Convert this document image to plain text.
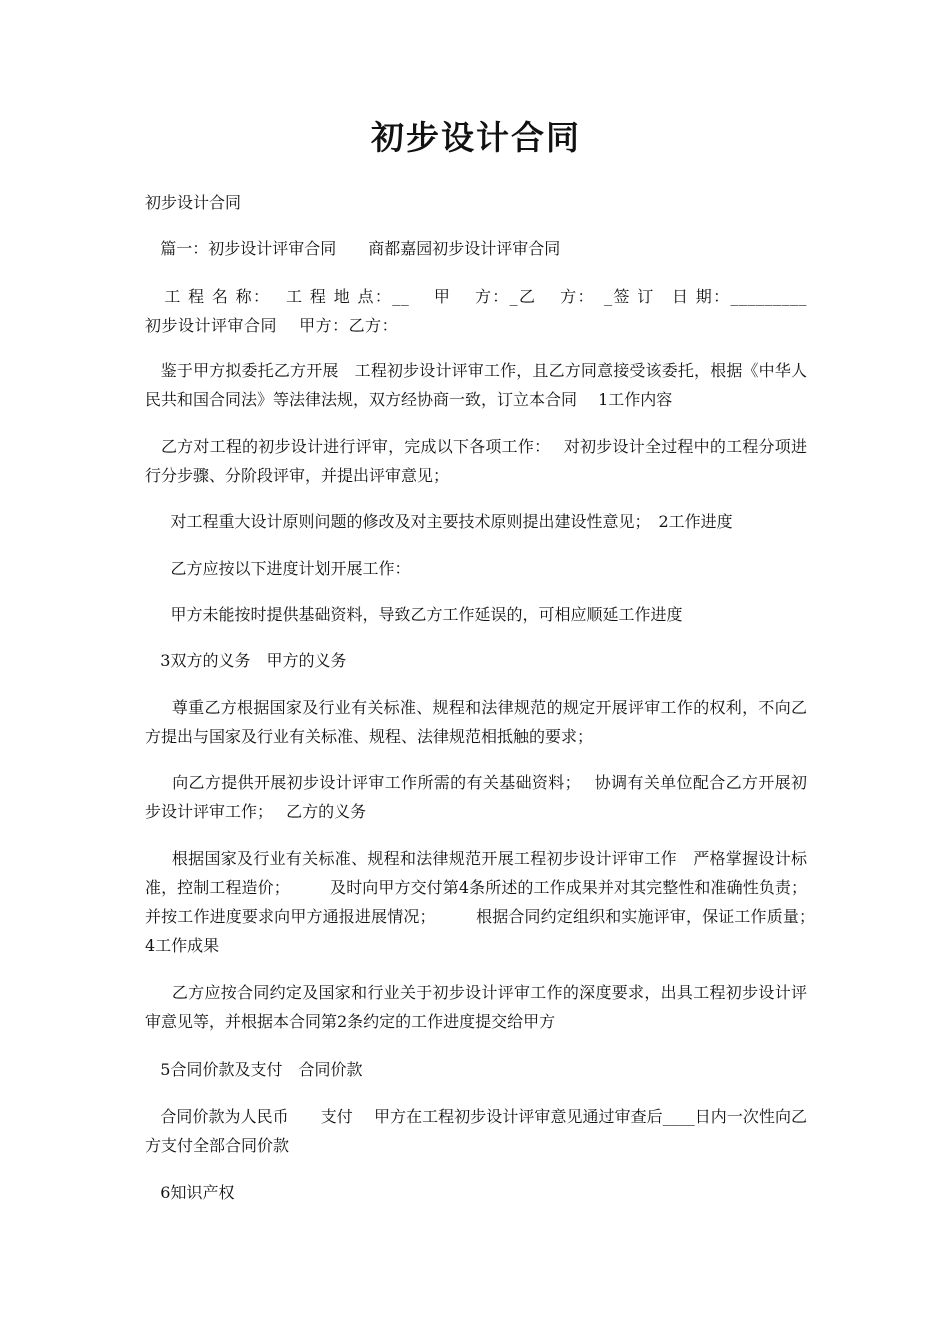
初步设计合同

初步设计合同

篇一：初步设计评审合同　　商都嘉园初步设计评审合同

工 程 名 称：　 工 程 地 点：__　 甲　 方：_乙　 方：　_签 订　日 期：_________　 初步设计评审合同　 甲方：乙方：

鉴于甲方拟委托乙方开展　工程初步设计评审工作，且乙方同意接受该委托，根据《中华人民共和国合同法》等法律法规，双方经协商一致，订立本合同　 1工作内容

乙方对工程的初步设计进行评审，完成以下各项工作：　 对初步设计全过程中的工程分项进行分步骤、分阶段评审，并提出评审意见；

对工程重大设计原则问题的修改及对主要技术原则提出建设性意见；　2工作进度

乙方应按以下进度计划开展工作：

甲方未能按时提供基础资料，导致乙方工作延误的，可相应顺延工作进度

3双方的义务　甲方的义务

尊重乙方根据国家及行业有关标准、规程和法律规范的规定开展评审工作的权利，不向乙方提出与国家及行业有关标准、规程、法律规范相抵触的要求；

向乙方提供开展初步设计评审工作所需的有关基础资料；　 协调有关单位配合乙方开展初步设计评审工作；　 乙方的义务

根据国家及行业有关标准、规程和法律规范开展工程初步设计评审工作　严格掌握设计标准，控制工程造价；　　　及时向甲方交付第4条所述的工作成果并对其完整性和准确性负责；并按工作进度要求向甲方通报进展情况；　　　根据合同约定组织和实施评审，保证工作质量；　4工作成果

乙方应按合同约定及国家和行业关于初步设计评审工作的深度要求，出具工程初步设计评审意见等，并根据本合同第2条约定的工作进度提交给甲方

5合同价款及支付　合同价款

合同价款为人民币　　支付　 甲方在工程初步设计评审意见通过审查后____日内一次性向乙方支付全部合同价款

6知识产权
